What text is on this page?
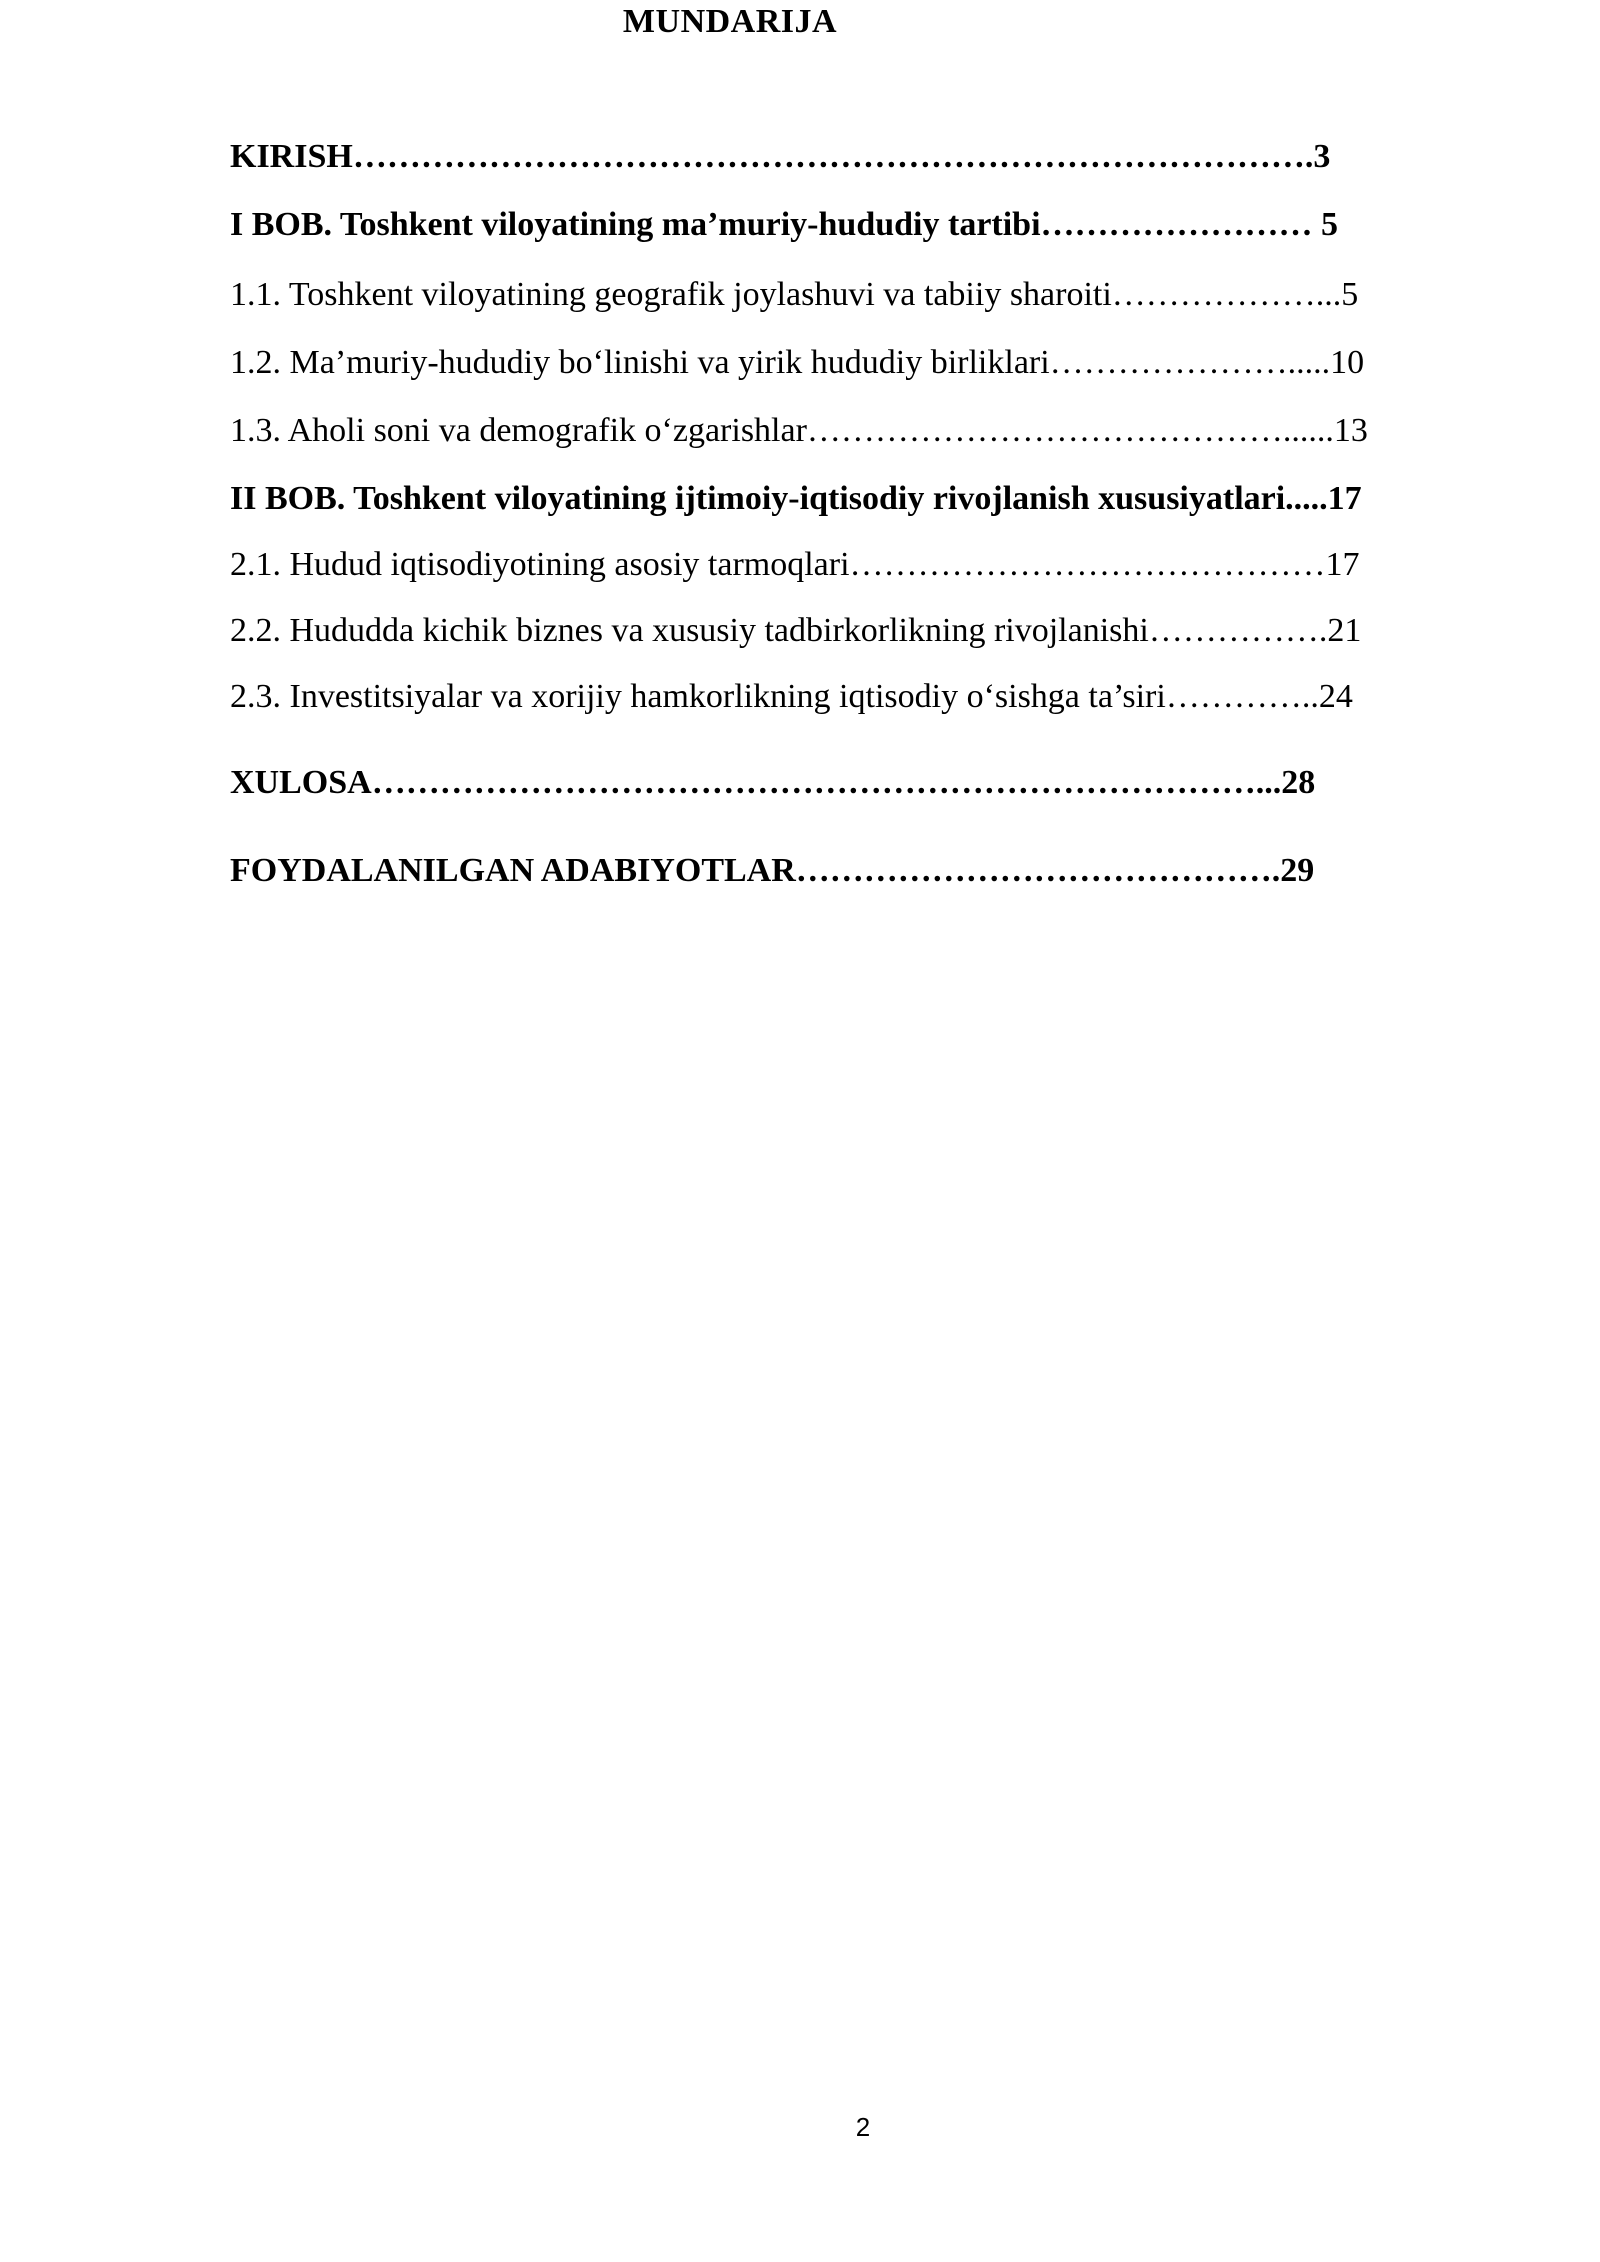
MUNDARIJA
KIRISH………………………………………………………………………….3
I BOB. Toshkent viloyatining ma’muriy-hududiy tartibi…………………… 5
1.1. Toshkent viloyatining geografik joylashuvi va tabiiy sharoiti………………...5
1.2. Ma’muriy-hududiy bo‘linishi va yirik hududiy birliklari………………….....10
1.3. Aholi soni va demografik o‘zgarishlar……………………………………......13
II BOB. Toshkent viloyatining ijtimoiy-iqtisodiy rivojlanish xususiyatlari.....17
2.1. Hudud iqtisodiyotining asosiy tarmoqlari……………………………………17
2.2. Hududda kichik biznes va xususiy tadbirkorlikning rivojlanishi…………….21
2.3. Investitsiyalar va xorijiy hamkorlikning iqtisodiy o‘sishga ta’siri…………..24
XULOSA……………………………………………………………………...28
FOYDALANILGAN ADABIYOTLAR…………………………………….29
2
